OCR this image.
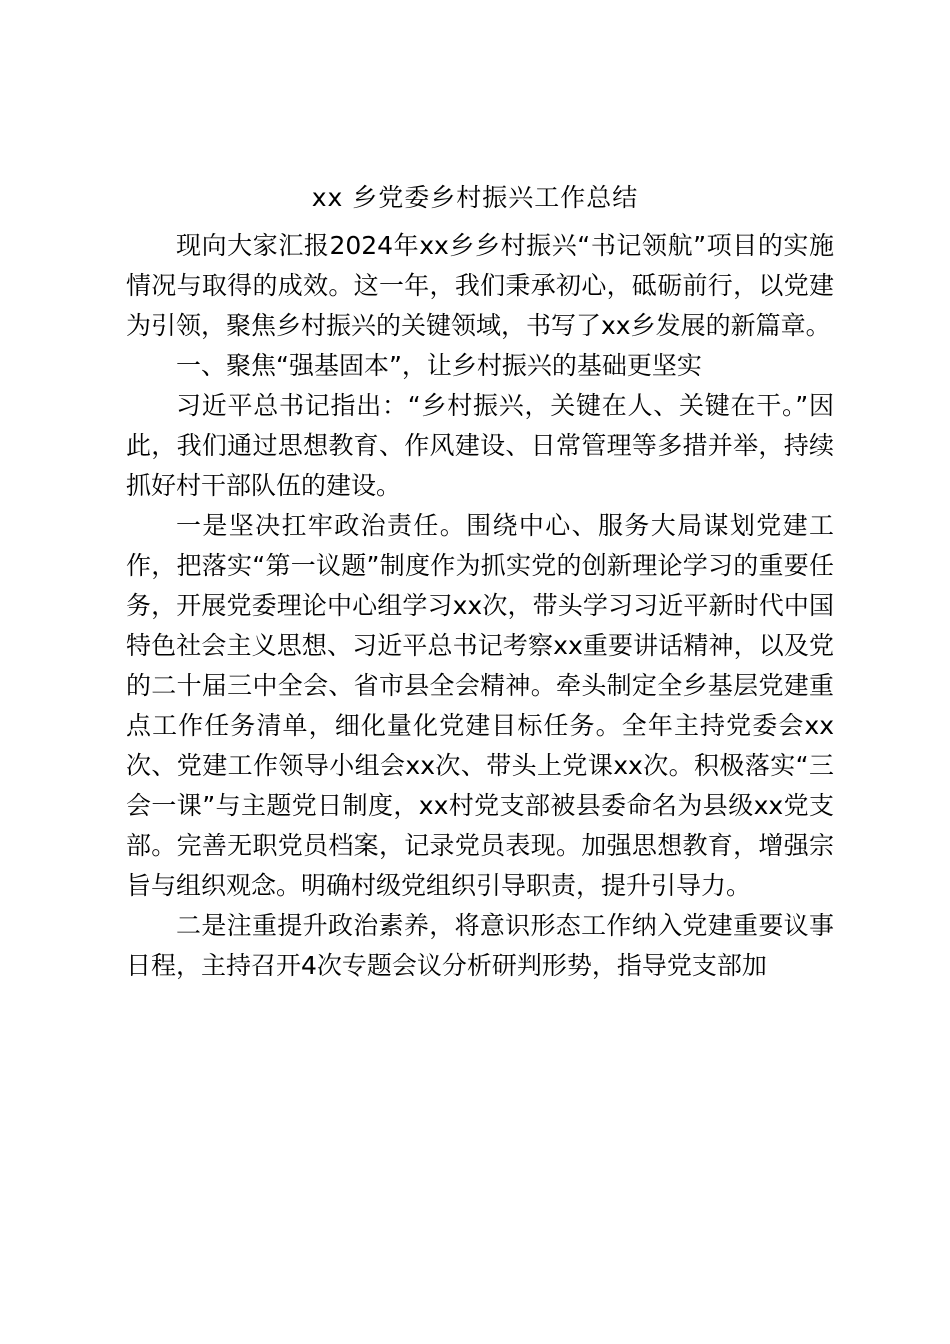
xx 乡党委乡村振兴工作总结

现向大家汇报2024年xx乡乡村振兴“书记领航”项目的实施情况与取得的成效。这一年，我们秉承初心，砥砺前行，以党建为引领，聚焦乡村振兴的关键领域，书写了xx乡发展的新篇章。

一、聚焦“强基固本”，让乡村振兴的基础更坚实

习近平总书记指出：“乡村振兴，关键在人、关键在干。”因此，我们通过思想教育、作风建设、日常管理等多措并举，持续抓好村干部队伍的建设。

一是坚决扛牢政治责任。围绕中心、服务大局谋划党建工作，把落实“第一议题”制度作为抓实党的创新理论学习的重要任务，开展党委理论中心组学习xx次，带头学习习近平新时代中国特色社会主义思想、习近平总书记考察xx重要讲话精神，以及党的二十届三中全会、省市县全会精神。牵头制定全乡基层党建重点工作任务清单，细化量化党建目标任务。全年主持党委会xx次、党建工作领导小组会xx次、带头上党课xx次。积极落实“三会一课”与主题党日制度，xx村党支部被县委命名为县级xx党支部。完善无职党员档案，记录党员表现。加强思想教育，增强宗旨与组织观念。明确村级党组织引导职责，提升引导力。

二是注重提升政治素养，将意识形态工作纳入党建重要议事日程，主持召开4次专题会议分析研判形势，指导党支部加
